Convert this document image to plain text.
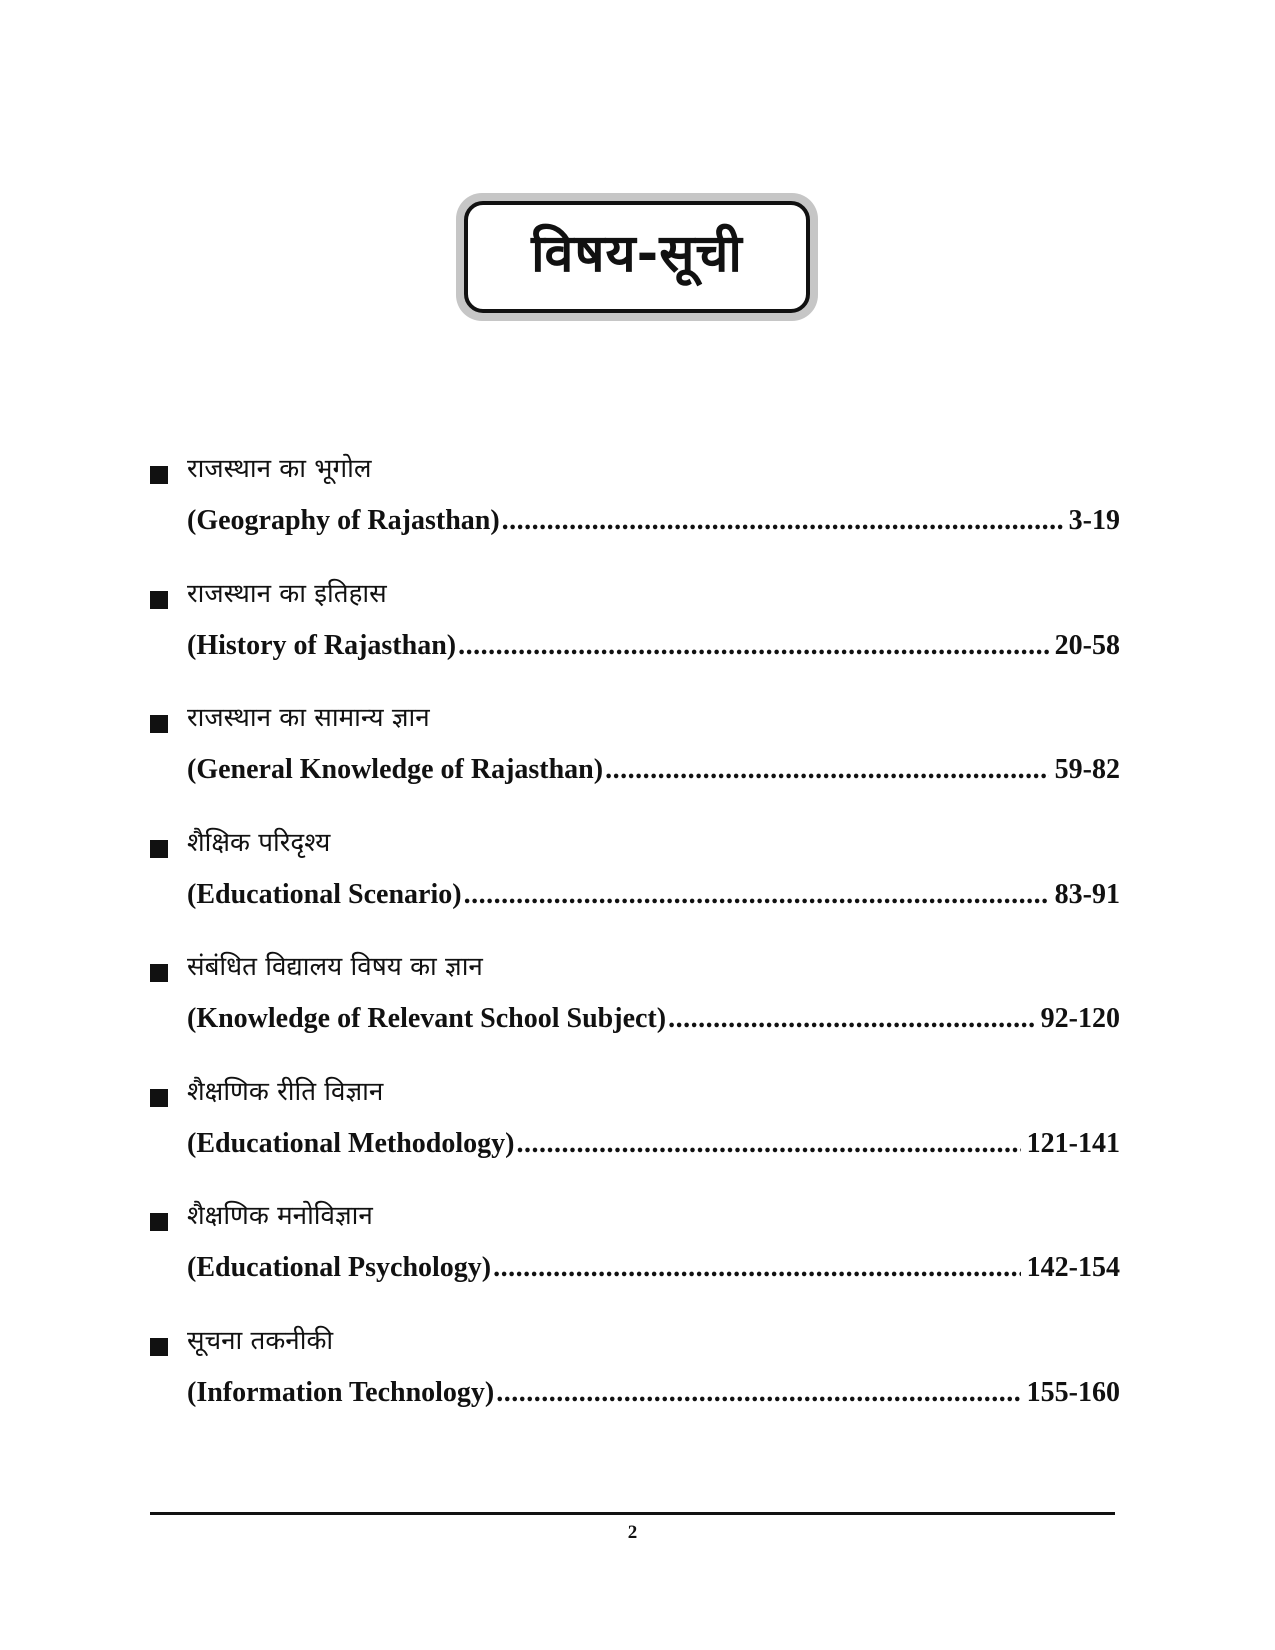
विषय-सूची
राजस्थान का भूगोल
(Geography of Rajasthan) .....	3-19
राजस्थान का इतिहास
(History of Rajasthan) .....	20-58
राजस्थान का सामान्य ज्ञान
(General Knowledge of Rajasthan) .....	59-82
शैक्षिक परिदृश्य
(Educational Scenario) .....	83-91
संबंधित विद्यालय विषय का ज्ञान
(Knowledge of Relevant School Subject) .....	92-120
शैक्षणिक रीति विज्ञान
(Educational Methodology) .....	121-141
शैक्षणिक मनोविज्ञान
(Educational Psychology) .....	142-154
सूचना तकनीकी
(Information Technology) .....	155-160
2
